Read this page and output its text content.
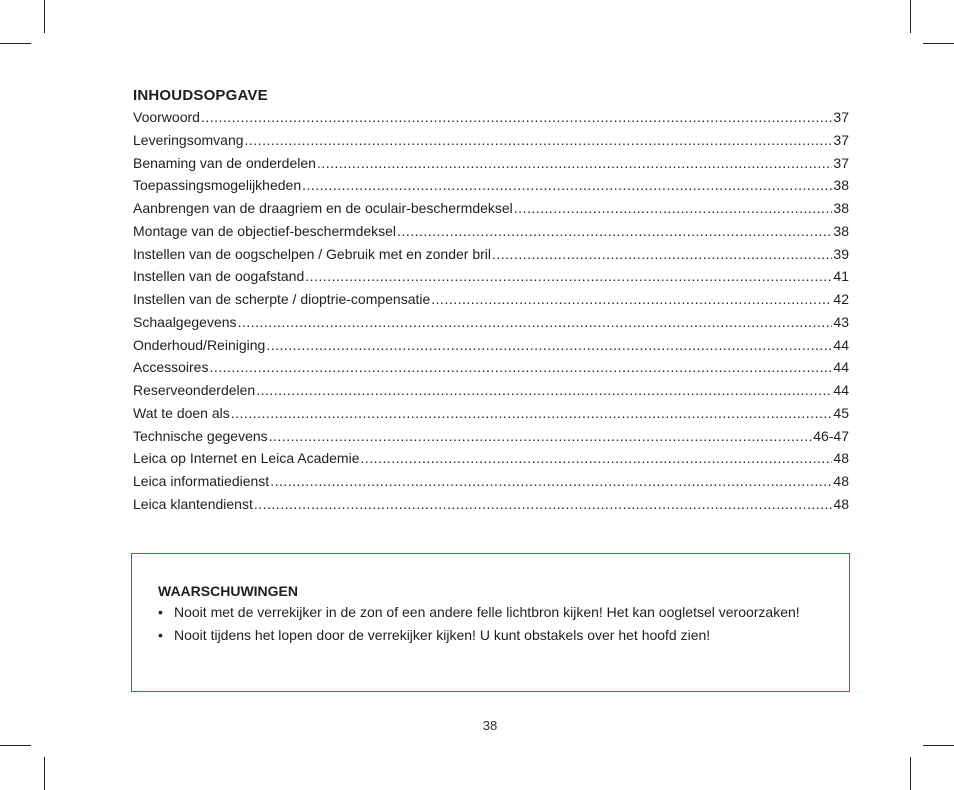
INHOUDSOPGAVE
Voorwoord .....	37
Leveringsomvang .....	37
Benaming van de onderdelen .....	37
Toepassingsmogelijkheden .....	38
Aanbrengen van de draagriem en de oculair-beschermdeksel .....	38
Montage van de objectief-beschermdeksel .....	38
Instellen van de oogschelpen / Gebruik met en zonder bril .....	39
Instellen van de oogafstand .....	41
Instellen van de scherpte / dioptrie-compensatie .....	42
Schaalgegevens .....	43
Onderhoud/Reiniging .....	44
Accessoires .....	44
Reserveonderdelen .....	44
Wat te doen als .....	45
Technische gegevens .....	46-47
Leica op Internet en Leica Academie .....	48
Leica informatiedienst .....	48
Leica klantendienst .....	48
WAARSCHUWINGEN
• Nooit met de verrekijker in de zon of een andere felle lichtbron kijken! Het kan oogletsel veroorzaken!
• Nooit tijdens het lopen door de verrekijker kijken! U kunt obstakels over het hoofd zien!
38
